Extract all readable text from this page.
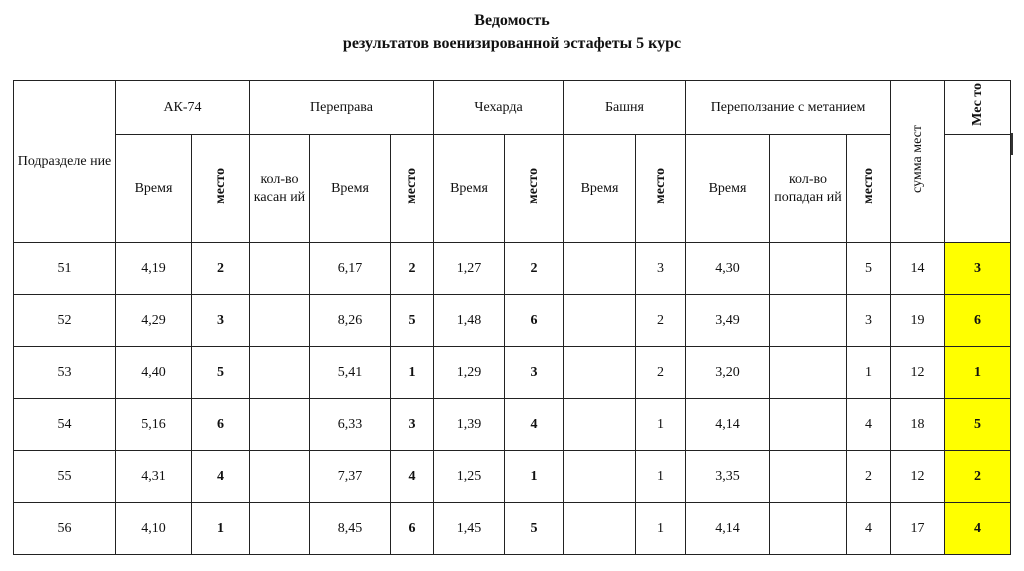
Ведомость
результатов военизированной эстафеты 5 курс
Подразделе ние	АК-74		Переправа			Чехарда		Башня		Переползание с метанием			сумма мест	Мес то
	Время	место	кол-во касан ий	Время	место	Время	место	Время	место	Время	кол-во попадан ий	место		
51	4,19	2		6,17	2	1,27	2		3	4,30		5	14	3
52	4,29	3		8,26	5	1,48	6		2	3,49		3	19	6
53	4,40	5		5,41	1	1,29	3		2	3,20		1	12	1
54	5,16	6		6,33	3	1,39	4		1	4,14		4	18	5
55	4,31	4		7,37	4	1,25	1		1	3,35		2	12	2
56	4,10	1		8,45	6	1,45	5		1	4,14		4	17	4
